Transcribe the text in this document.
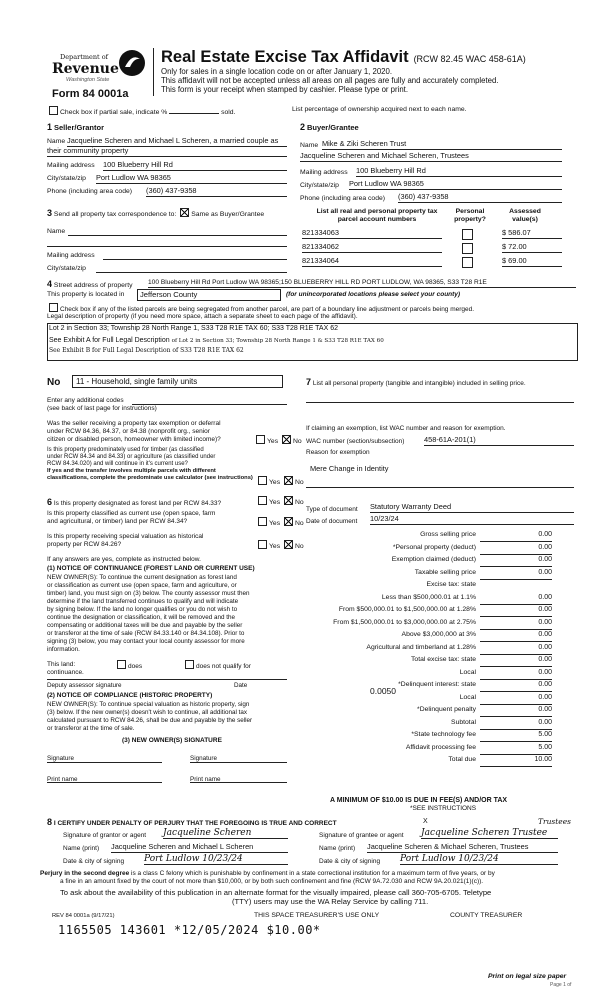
Department of
Revenue
Washington State
Form 84 0001a
Real Estate Excise Tax Affidavit (RCW 82.45 WAC 458-61A)
Only for sales in a single location code on or after January 1, 2020.
This affidavit will not be accepted unless all areas on all pages are fully and accurately completed.
This form is your receipt when stamped by cashier. Please type or print.
Check box if partial sale, indicate %	sold.	List percentage of ownership acquired next to each name.
1 Seller/Grantor
Name Jacqueline Scheren and Michael L Scheren, a married couple as
their community property
Mailing address 100 Blueberry Hill Rd
City/state/zip Port Ludlow WA 98365
Phone (including area code) (360) 437-9358
2 Buyer/Grantee
Name Mike & Ziki Scheren Trust
Jacqueline Scheren and Michael Scheren, Trustees
Mailing address 100 Blueberry Hill Rd
City/state/zip Port Ludlow WA 98365
Phone (including area code) (360) 437-9358
3 Send all property tax correspondence to: Same as Buyer/Grantee
Name
Mailing address
City/state/zip
List all real and personal property tax parcel account numbers
Personal property?
Assessed value(s)
821334063	$ 586.07
821334062	$ 72.00
821334064	$ 69.00
4 Street address of property 100 Blueberry Hill Rd Port Ludlow WA 98365;150 BLUEBERRY HILL RD PORT LUDLOW, WA 98365, S33 T28 R1E
This property is located in	Jefferson County	(for unincorporated locations please select your county)
Check box if any of the listed parcels are being segregated from another parcel, are part of a boundary line adjustment or parcels being merged.
Legal description of property (if you need more space, attach a separate sheet to each page of the affidavit).
Lot 2 in Section 33; Township 28 North Range 1, S33 T28 R1E TAX 60; S33 T28 R1E TAX 62
See Exhibit A for Full Legal Description of Lot 2 in Section 33; Township 28 North Range 1 & S33 T28 R1E TAX 60
See Exhibit B for Full Legal Description of S33 T28 R1E TAX 62
No	11 - Household, single family units
Enter any additional codes
(see back of last page for instructions)
Was the seller receiving a property tax exemption or deferral
under RCW 84.36, 84.37, or 84.38 (nonprofit org., senior
citizen or disabled person, homeowner with limited income)?	Yes No
Is this property predominately used for timber (as classified
under RCW 84.34 and 84.33) or agriculture (as classified under
RCW 84.34.020) and will continue in it's current use?
If yes and the transfer involves multiple parcels with different classifications, complete the predominate use calculator (see instructions)
Yes No
6 Is this property designated as forest land per RCW 84.33?	Yes No
Is this property classified as current use (open space, farm
and agricultural, or timber) land per RCW 84.34?	Yes No
Is this property receiving special valuation as historical
property per RCW 84.26?	Yes No
If any answers are yes, complete as instructed below.
(1) NOTICE OF CONTINUANCE (FOREST LAND OR CURRENT USE)
NEW OWNER(S): To continue the current designation as forest land
or classification as current use (open space, farm and agriculture, or
timber) land, you must sign on (3) below. The county assessor must then
determine if the land transferred continues to qualify and will indicate
by signing below. If the land no longer qualifies or you do not wish to
continue the designation or classification, it will be removed and the
compensating or additional taxes will be due and payable by the seller
or transferor at the time of sale (RCW 84.33.140 or 84.34.108). Prior to
signing (3) below, you may contact your local county assessor for more
information.
This land:
continuance.
does	does not qualify for
Deputy assessor signature	Date
(2) NOTICE OF COMPLIANCE (HISTORIC PROPERTY)
NEW OWNER(S): To continue special valuation as historic property, sign
(3) below. If the new owner(s) doesn't wish to continue, all additional tax
calculated pursuant to RCW 84.26, shall be due and payable by the seller
or transferor at the time of sale.
(3) NEW OWNER(S) SIGNATURE
Signature	Signature
Print name	Print name
7 List all personal property (tangible and intangible) included in selling price.
If claiming an exemption, list WAC number and reason for exemption.
WAC number (section/subsection)	458-61A-201(1)
Reason for exemption
Mere Change in Identity
Type of document Statutory Warranty Deed
Date of document 10/23/24
Gross selling price	0.00
*Personal property (deduct)	0.00
Exemption claimed (deduct)	0.00
Taxable selling price	0.00
Excise tax: state
Less than $500,000.01 at 1.1%	0.00
From $500,000.01 to $1,500,000.00 at 1.28%	0.00
From $1,500,000.01 to $3,000,000.00 at 2.75%	0.00
Above $3,000,000 at 3%	0.00
Agricultural and timberland at 1.28%	0.00
Total excise tax: state	0.00
Local	0.00
*Delinquent interest: state	0.00
Local	0.00
*Delinquent penalty	0.00
Subtotal	0.00
*State technology fee	5.00
Affidavit processing fee	5.00
Total due	10.00
0.0050
A MINIMUM OF $10.00 IS DUE IN FEE(S) AND/OR TAX
*SEE INSTRUCTIONS
8 I CERTIFY UNDER PENALTY OF PERJURY THAT THE FOREGOING IS TRUE AND CORRECT	X	Trustees
Signature of grantor or agent Jacqueline Scheren
Name (print) Jacqueline Scheren and Michael L Scheren
Date & city of signing Port Ludlow 10/23/24
Signature of grantee or agent Jacqueline Scheren Trustee
Name (print) Jacqueline Scheren & Michael Scheren, Trustees
Date & city of signing Port Ludlow 10/23/24
Perjury in the second degree is a class C felony which is punishable by confinement in a state correctional institution for a maximum term of five years, or by
a fine in an amount fixed by the court of not more than $10,000, or by both such confinement and fine (RCW 9A.72.030 and RCW 9A.20.021(1)(c)).
To ask about the availability of this publication in an alternate format for the visually impaired, please call 360-705-6705. Teletype
(TTY) users may use the WA Relay Service by calling 711.
REV 84 0001a (9/17/21)	THIS SPACE TREASURER'S USE ONLY	COUNTY TREASURER
1165505 143601 *12/05/2024 $10.00*
Print on legal size paper
Page 1 of
